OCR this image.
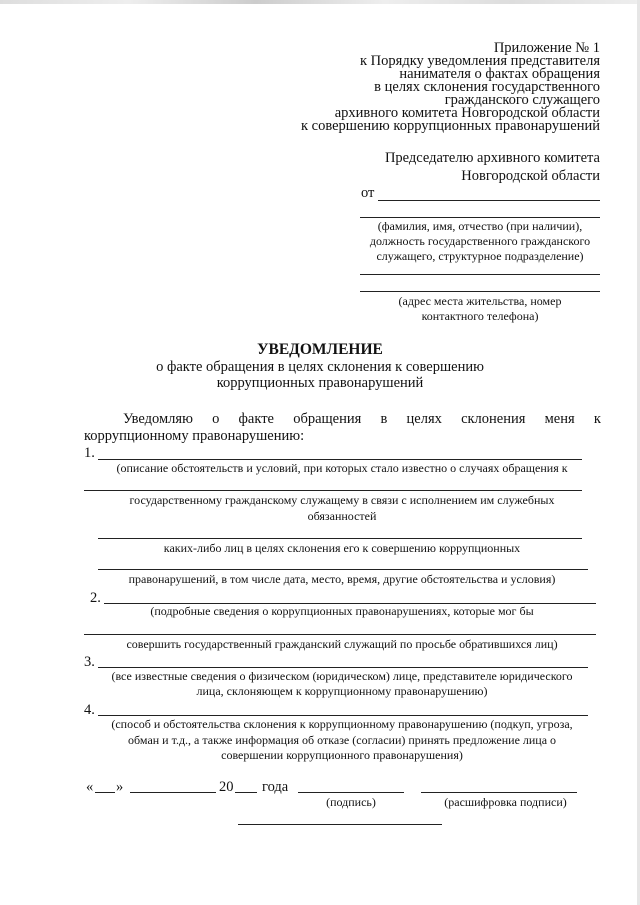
Приложение № 1
к Порядку уведомления представителя
нанимателя о фактах обращения
в целях склонения государственного
гражданского служащего
архивного комитета Новгородской области
к совершению коррупционных правонарушений
Председателю архивного комитета
Новгородской области
от
(фамилия, имя, отчество (при наличии),
должность государственного гражданского
служащего, структурное подразделение)
(адрес места жительства, номер
контактного телефона)
УВЕДОМЛЕНИЕ
о факте обращения в целях склонения к совершению
коррупционных правонарушений
Уведомляю о факте обращения в целях склонения меня к
коррупционному правонарушению:
1.
(описание обстоятельств и условий, при которых стало известно о случаях обращения к
государственному гражданскому служащему в связи с исполнением им служебных
обязанностей
каких-либо лиц в целях склонения его к совершению коррупционных
правонарушений, в том числе дата, место, время, другие обстоятельства и условия)
2.
(подробные сведения о коррупционных правонарушениях, которые мог бы
совершить государственный гражданский служащий по просьбе обратившихся лиц)
3.
(все известные сведения о физическом (юридическом) лице, представителе юридического
лица, склоняющем к коррупционному правонарушению)
4.
(способ и обстоятельства склонения к коррупционному правонарушению (подкуп, угроза,
обман и т.д., а также информация об отказе (согласии) принять предложение лица о
совершении коррупционного правонарушения)
« »	20 года
(подпись)	(расшифровка подписи)
